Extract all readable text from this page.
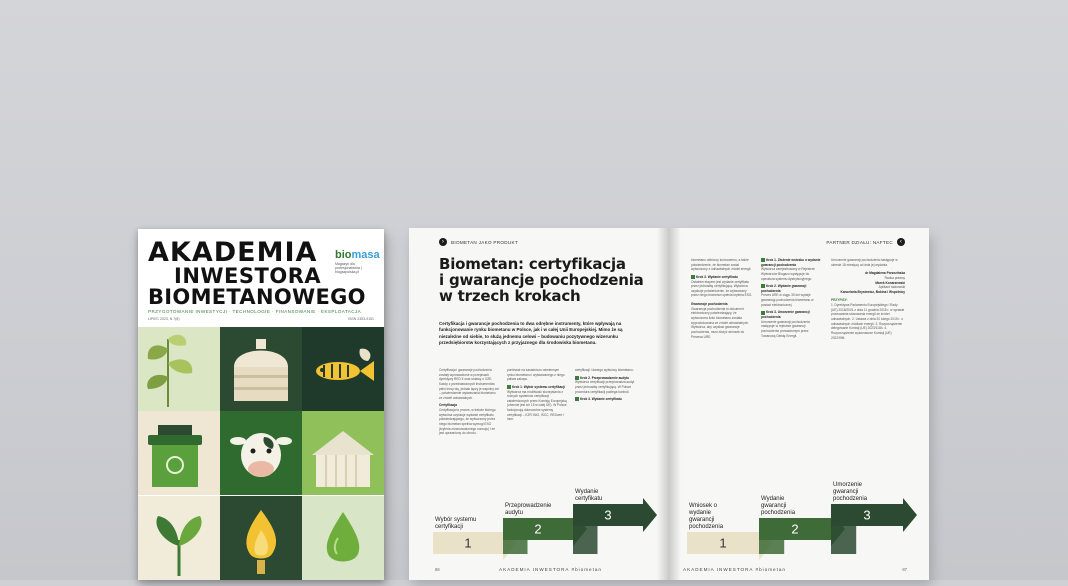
AKADEMIA
INWESTORA
BIOMETANOWEGO
biomasa
Magazyn dla profesjonalistów | biogazpolska.pl
PRZYGOTOWANIE INWESTYCJI · TECHNOLOGIE · FINANSOWANIE · EKSPLOATACJA
LIPIEC 2023, N 7(8)	ISSN 2353-9151
›	BIOMETAN JAKO PRODUKT
Biometan: certyfikacja
i gwarancje pochodzenia
w trzech krokach
Certyfikacja i gwarancje pochodzenia to dwa odrębne instrumenty, które wpływają na funkcjonowanie rynku biometanu w Polsce, jak i w całej Unii Europejskiej. Mimo że są niezależne od siebie, to służą jednemu celowi – budowaniu pozytywnego wizerunku przedsiębiorstw korzystających z przyjaznego dla środowiska biometanu.
Certyfikacja i gwarancje pochodzenia zostały wprowadzone w przepisach dyrektywy RED II oraz ustawy o OZE. Każdy z przedstawionych instrumentów pełni inną rolę, jednak łączy je wspólny cel – potwierdzenie wytwarzania biometanu ze źródeł odnawialnych.
Certyfikacja
Certyfikacja to proces, w trakcie którego wytwórca uzyskuje wydanie certyfikatu potwierdzającego, że wytworzony przez niego biometan spełnia wymogi ESG (kryteria zrównoważonego rozwoju) i że jest uprawniony do obrotu.
ponieważ na zasadniczo odmiennym rynku biometanu i wytwarzanego z niego paliwa zakupu.
Krok 1. Wybór systemu certyfikacji
Wytwórca ma możliwość skorzystania z różnych systemów certyfikacji zatwierdzonych przez Komisję Europejską (obecnie jest ich 15 w całej UE). W Polsce funkcjonują dobrowolne systemy certyfikacji – KZR INiG, ISCC, REDcert i inne.
certyfikacji i danego wytwórcy biometanu.
Krok 2. Przeprowadzenie audytu
Wytwórca certyfikacji przeprowadza audyt przez jednostkę certyfikującą. W Polsce procedura certyfikacji podlega kontroli.
Krok 3. Wydanie certyfikatu
1
Wybór systemu certyfikacji	2
Przeprowadzenie audytu	3
Wydanie certyfikatu
AKADEMIA INWESTORA #biometan
86
PARTNER DZIAŁU: NAFTEC	‹
biometanu odbiorcy końcowemu, a także potwierdzenie, że biometan został wytworzony z odnawialnych źródeł energii.
Krok 3. Wydanie certyfikatu
Ostatnim etapem jest wydanie certyfikatu przez jednostkę certyfikującą. Wytwórca uzyskuje potwierdzenie, że wytwarzany przez niego biometan spełnia kryteria ESG.
Gwarancje pochodzenia
Gwarancja pochodzenia to dokument elektroniczny potwierdzający, że wytworzona ilość biometanu została wyprodukowana ze źródeł odnawialnych. Wytwórca, aby uzyskać gwarancje pochodzenia, musi złożyć wniosek do Prezesa URE.
Krok 1. Złożenie wniosku o wydanie gwarancji pochodzenia
Wytwórca zarejestrowany w Rejestrze Wytwórców Biogazu występuje do operatora systemu dystrybucyjnego.
Krok 2. Wydanie gwarancji pochodzenia
Prezes URE w ciągu 30 dni wydaje gwarancję pochodzenia biometanu w postaci elektronicznej.
Krok 3. Umorzenie gwarancji pochodzenia
Umorzenie gwarancji pochodzenia następuje w rejestrze gwarancji pochodzenia prowadzonym przez Towarową Giełdę Energii.
Umorzenie gwarancji pochodzenia następuje w okresie 18 miesięcy od dnia jej wydania.
dr Magdalena Porzezińska
Radca prawny
Marek Konarzewski
Aplikant radcowski
Kancelaria Brysiewicz, Bokina i Wspólnicy
PRZYPISY:
1. Dyrektywa Parlamentu Europejskiego i Rady (UE) 2018/2001 z dnia 11 grudnia 2018 r. w sprawie promowania stosowania energii ze źródeł odnawialnych. 2. Ustawa z dnia 20 lutego 2015 r. o odnawialnych źródłach energii. 3. Rozporządzenie delegowane Komisji (UE) 2023/1184. 4. Rozporządzenie wykonawcze Komisji (UE) 2022/996.
1
Wniosek o wydanie gwarancji pochodzenia	2
Wydanie gwarancji pochodzenia	3
Umorzenie gwarancji pochodzenia
AKADEMIA INWESTORA #biometan	87
